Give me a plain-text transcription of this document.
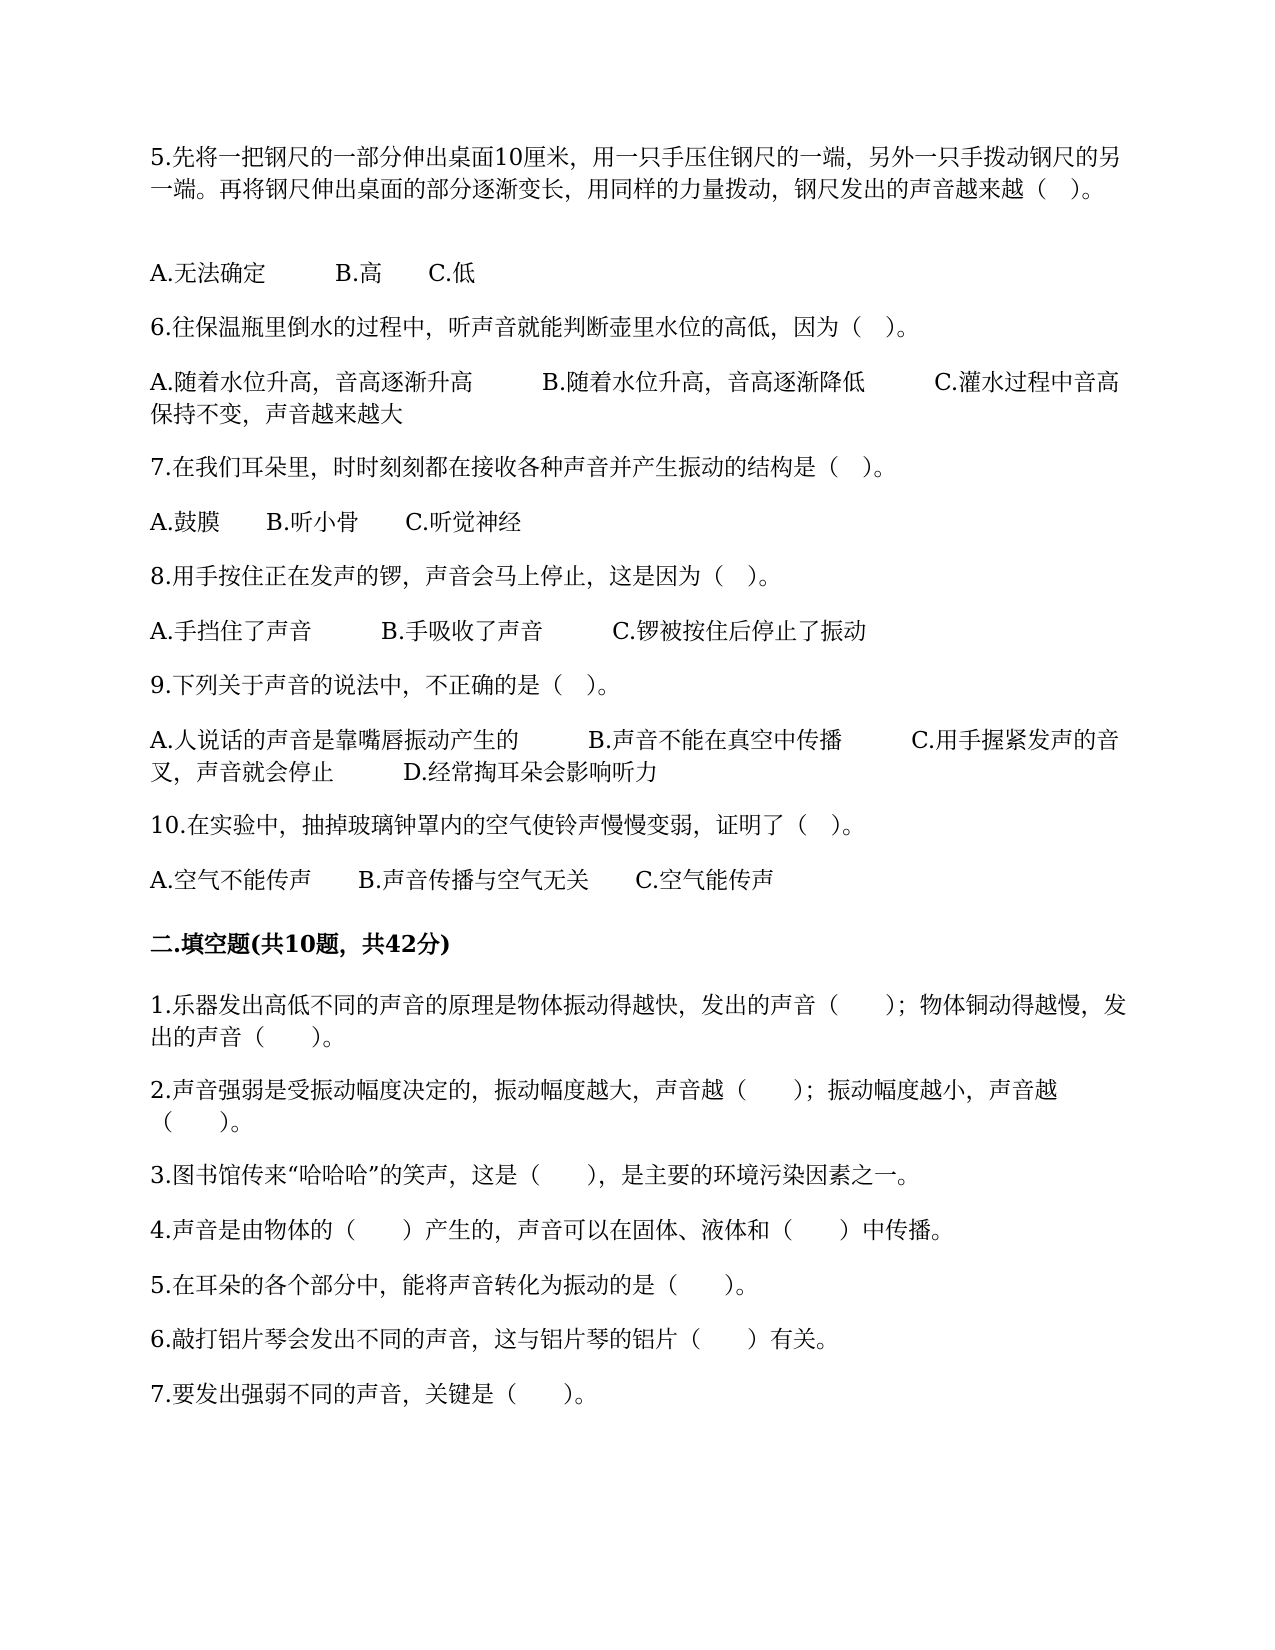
5.先将一把钢尺的一部分伸出桌面10厘米，用一只手压住钢尺的一端，另外一只手拨动钢尺的另一端。再将钢尺伸出桌面的部分逐渐变长，用同样的力量拨动，钢尺发出的声音越来越（　）。
A.无法确定　　　B.高　　C.低
6.往保温瓶里倒水的过程中，听声音就能判断壶里水位的高低，因为（　）。
A.随着水位升高，音高逐渐升高　　　B.随着水位升高，音高逐渐降低　　　C.灌水过程中音高保持不变，声音越来越大
7.在我们耳朵里，时时刻刻都在接收各种声音并产生振动的结构是（　）。
A.鼓膜　　B.听小骨　　C.听觉神经
8.用手按住正在发声的锣，声音会马上停止，这是因为（　）。
A.手挡住了声音　　　B.手吸收了声音　　　C.锣被按住后停止了振动
9.下列关于声音的说法中，不正确的是（　）。
A.人说话的声音是靠嘴唇振动产生的　　　B.声音不能在真空中传播　　　C.用手握紧发声的音叉，声音就会停止　　　D.经常掏耳朵会影响听力
10.在实验中，抽掉玻璃钟罩内的空气使铃声慢慢变弱，证明了（　）。
A.空气不能传声　　B.声音传播与空气无关　　C.空气能传声
二.填空题(共10题，共42分)
1.乐器发出高低不同的声音的原理是物体振动得越快，发出的声音（　　）；物体铜动得越慢，发出的声音（　　）。
2.声音强弱是受振动幅度决定的，振动幅度越大，声音越（　　）；振动幅度越小，声音越（　　）。
3.图书馆传来“哈哈哈”的笑声，这是（　　），是主要的环境污染因素之一。
4.声音是由物体的（　　）产生的，声音可以在固体、液体和（　　）中传播。
5.在耳朵的各个部分中，能将声音转化为振动的是（　　）。
6.敲打铝片琴会发出不同的声音，这与铝片琴的铝片（　　）有关。
7.要发出强弱不同的声音，关键是（　　）。
